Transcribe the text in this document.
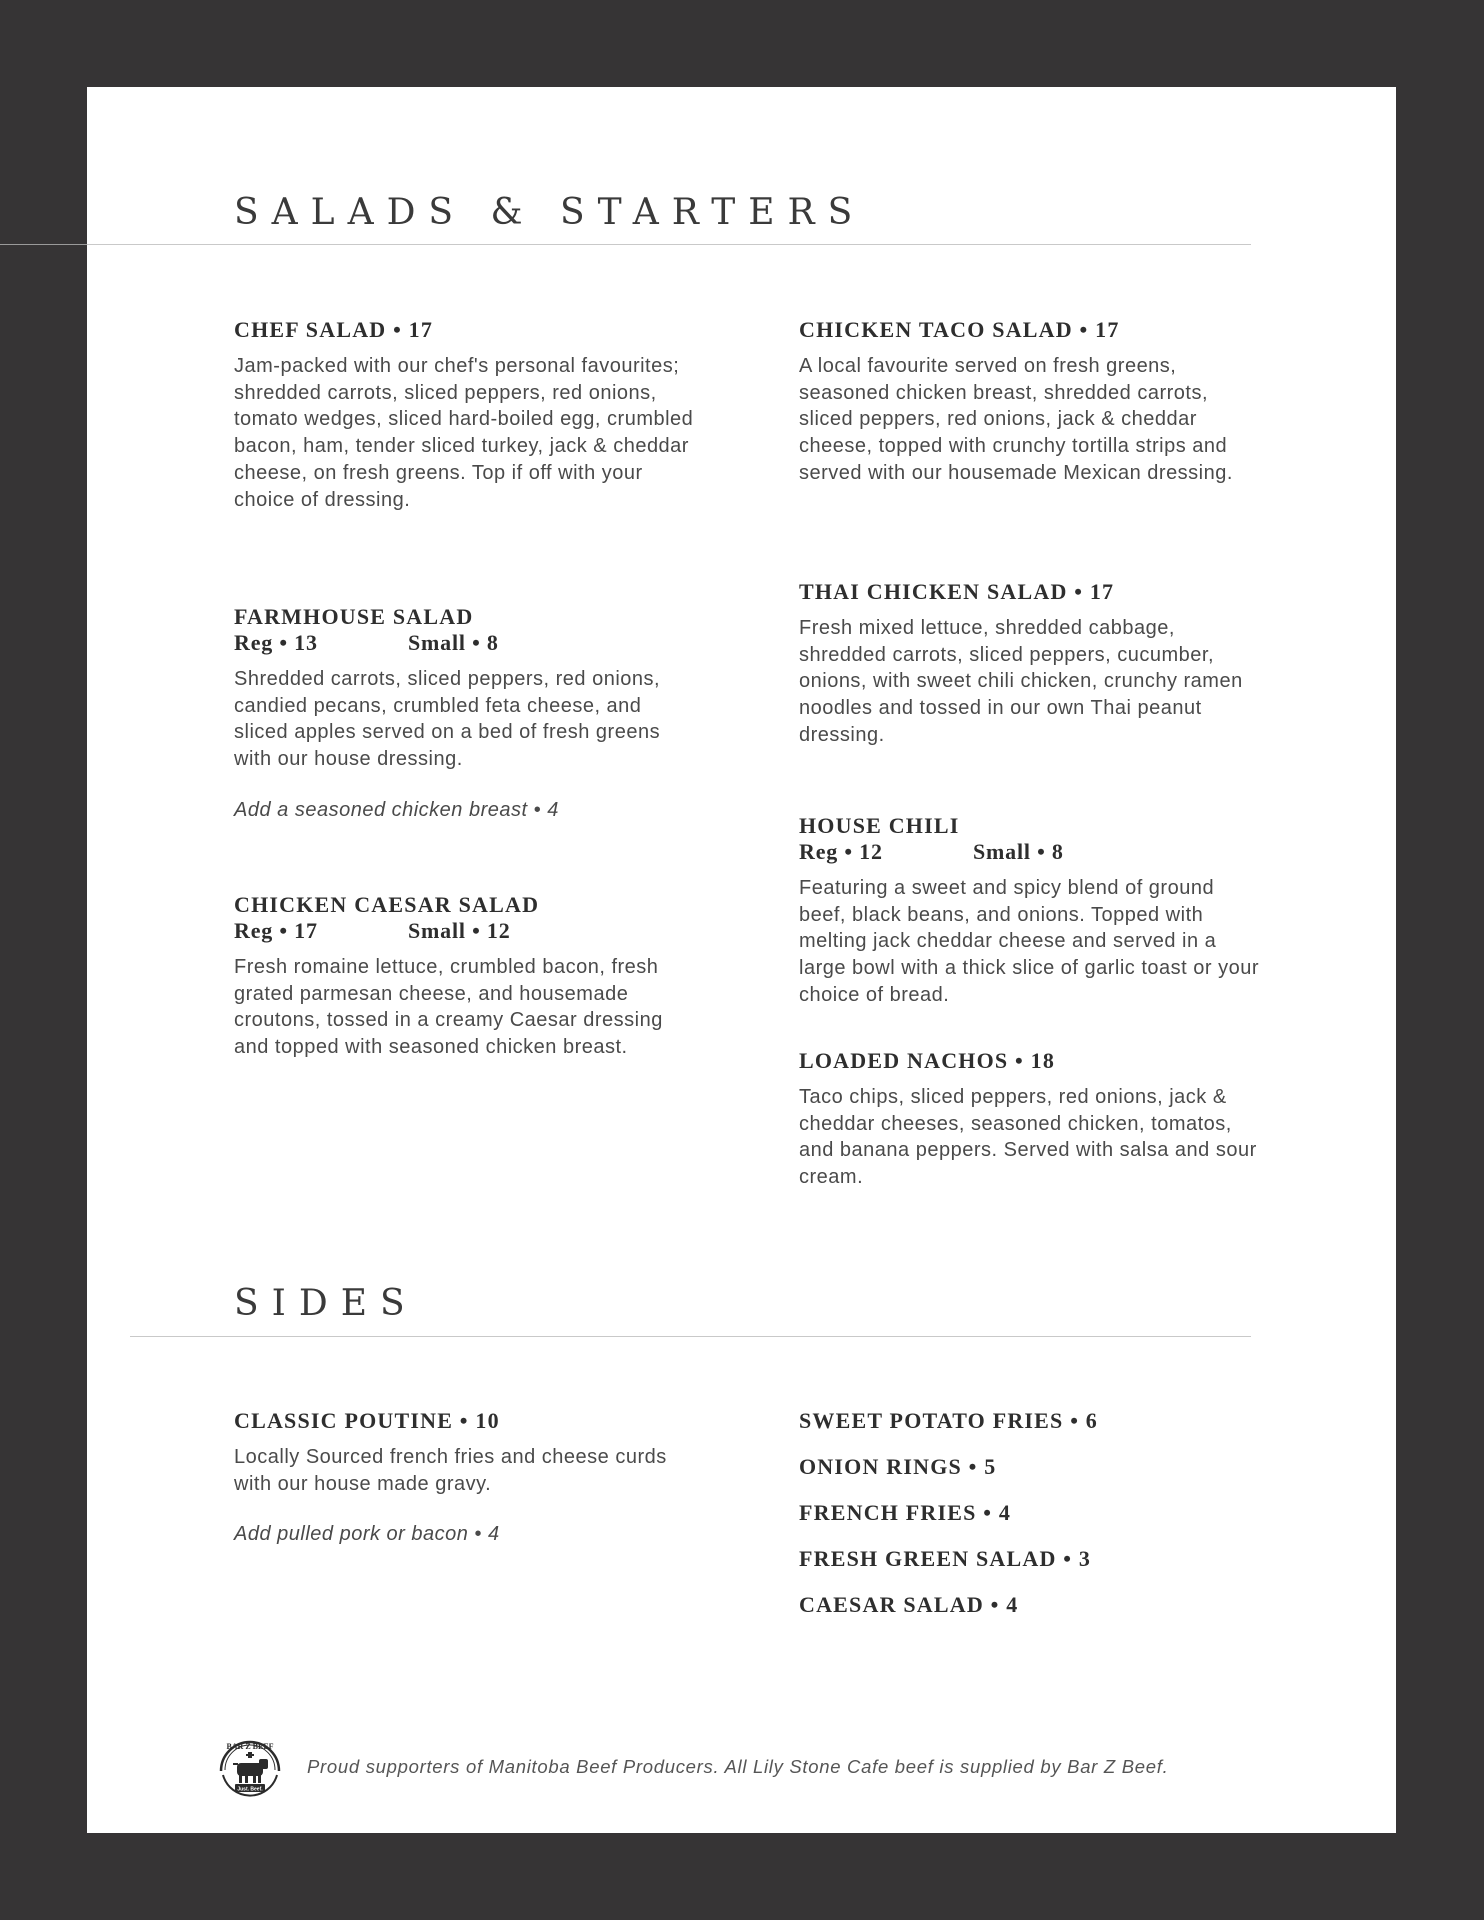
SALADS & STARTERS
CHEF SALAD • 17
Jam-packed with our chef's personal favourites; shredded carrots, sliced peppers, red onions, tomato wedges, sliced hard-boiled egg, crumbled bacon, ham, tender sliced turkey, jack & cheddar cheese, on fresh greens. Top if off with your choice of dressing.
FARMHOUSE SALAD
Reg • 13	Small • 8
Shredded carrots, sliced peppers, red onions, candied pecans, crumbled feta cheese, and sliced apples served on a bed of fresh greens with our house dressing.
Add a seasoned chicken breast • 4
CHICKEN CAESAR SALAD
Reg • 17	Small • 12
Fresh romaine lettuce, crumbled bacon, fresh grated parmesan cheese, and housemade croutons, tossed in a creamy Caesar dressing and topped with seasoned chicken breast.
CHICKEN TACO SALAD • 17
A local favourite served on fresh greens, seasoned chicken breast, shredded carrots, sliced peppers, red onions, jack & cheddar cheese, topped with crunchy tortilla strips and served with our housemade Mexican dressing.
THAI CHICKEN SALAD • 17
Fresh mixed lettuce, shredded cabbage, shredded carrots, sliced peppers, cucumber, onions, with sweet chili chicken, crunchy ramen noodles and tossed in our own Thai peanut dressing.
HOUSE CHILI
Reg • 12	Small • 8
Featuring a sweet and spicy blend of ground beef, black beans, and onions. Topped with melting jack cheddar cheese and served in a large bowl with a thick slice of garlic toast or your choice of bread.
LOADED NACHOS • 18
Taco chips, sliced peppers, red onions, jack & cheddar cheeses, seasoned chicken, tomatos, and banana peppers. Served with salsa and sour cream.
SIDES
CLASSIC POUTINE • 10
Locally Sourced french fries and cheese curds with our house made gravy.
Add pulled pork or bacon • 4
SWEET POTATO FRIES • 6
ONION RINGS • 5
FRENCH FRIES • 4
FRESH GREEN SALAD • 3
CAESAR SALAD • 4
BAR Z BEEF
Just. Beef.
Proud supporters of Manitoba Beef Producers. All Lily Stone Cafe beef is supplied by Bar Z Beef.
